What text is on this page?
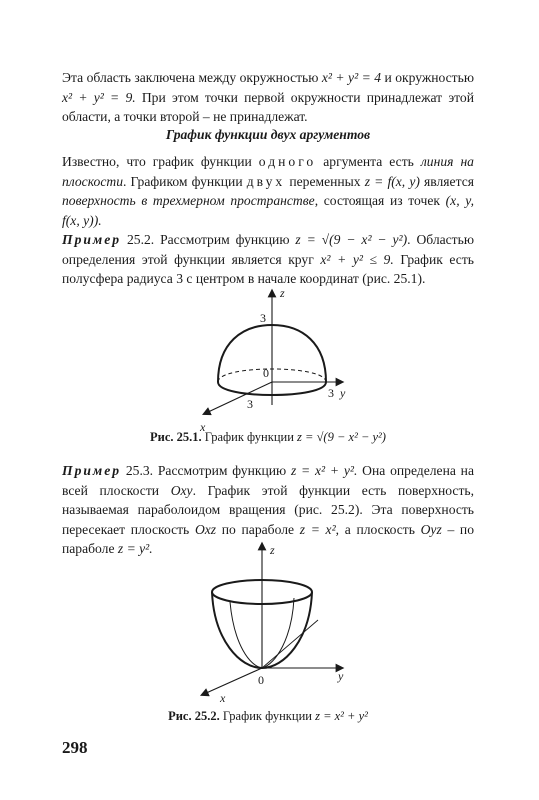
Эта область заключена между окружностью x² + y² = 4 и окружностью x² + y² = 9. При этом точки первой окружности принадлежат этой области, а точки второй – не принадлежат.

График функции двух аргументов

Известно, что график функции одного аргумента есть линия на плоскости. Графиком функции двух переменных z = f(x, y) является поверхность в трехмерном пространстве, состоящая из точек (x, y, f(x, y)).

Пример 25.2. Рассмотрим функцию z = √(9 − x² − y²). Областью определения этой функции является круг x² + y² ≤ 9. График есть полусфера радиуса 3 с центром в начале координат (рис. 25.1).

z
y
x
3
3
3
0

Рис. 25.1. График функции z = √(9 − x² − y²)

Пример 25.3. Рассмотрим функцию z = x² + y². Она определена на всей плоскости Oxy. График этой функции есть поверхность, называемая параболоидом вращения (рис. 25.2). Эта поверхность пересекает плоскость Oxz по параболе z = x², а плоскость Oyz – по параболе z = y².	z
y
x
0

Рис. 25.2. График функции z = x² + y²

298
